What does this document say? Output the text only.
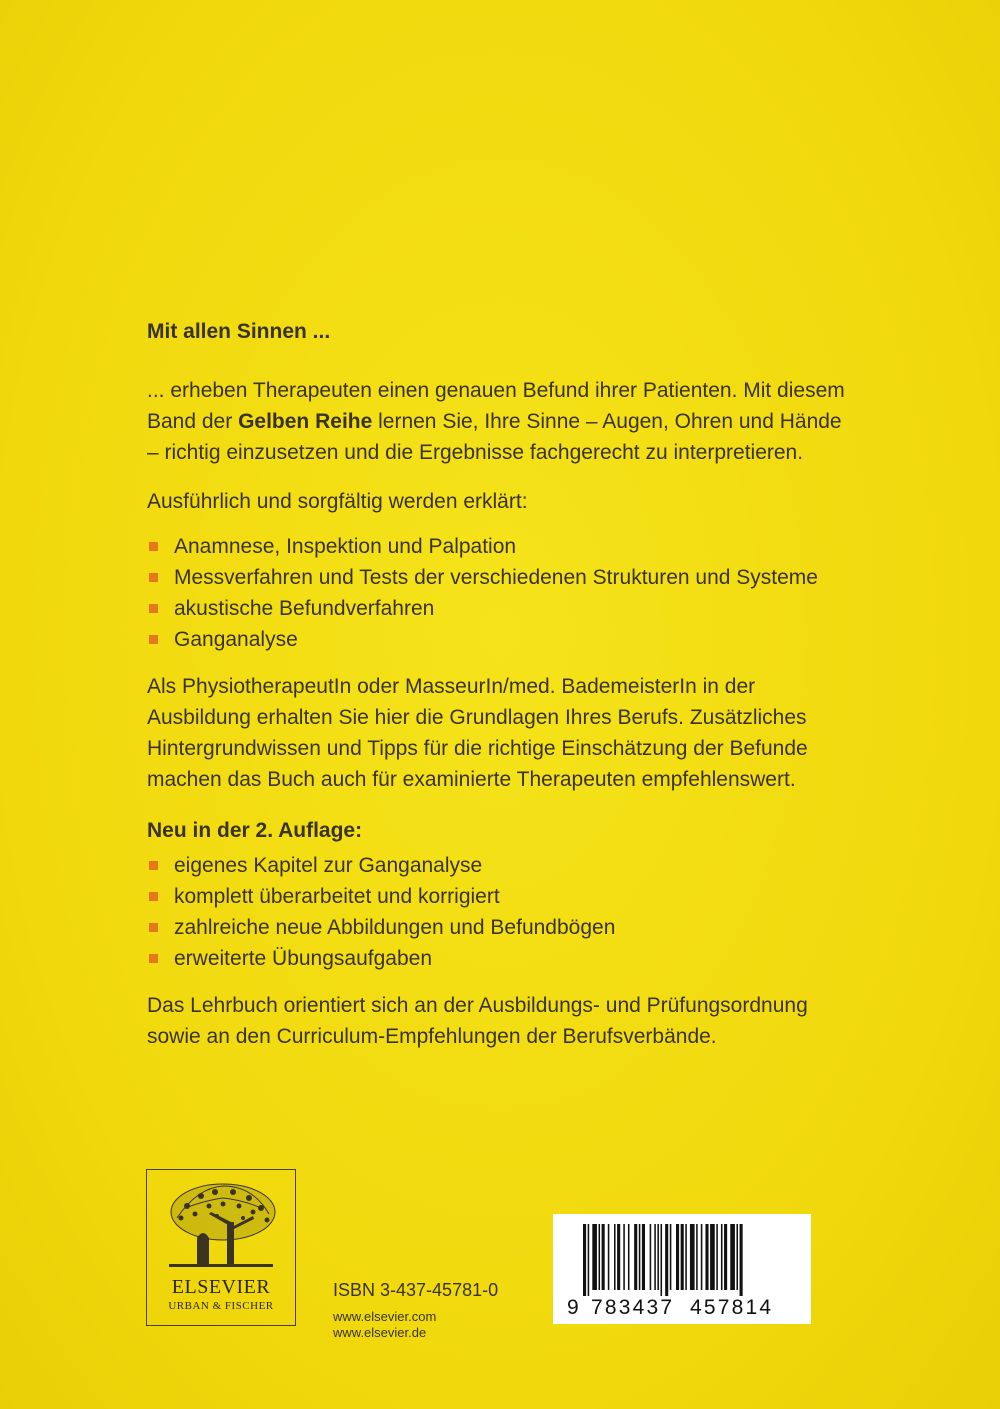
Mit allen Sinnen ...

... erheben Therapeuten einen genauen Befund ihrer Patienten. Mit diesem Band der Gelben Reihe lernen Sie, Ihre Sinne – Augen, Ohren und Hände – richtig einzusetzen und die Ergebnisse fachgerecht zu interpretieren.

Ausführlich und sorgfältig werden erklärt:

Anamnese, Inspektion und Palpation
Messverfahren und Tests der verschiedenen Strukturen und Systeme
akustische Befundverfahren
Ganganalyse

Als PhysiotherapeutIn oder MasseurIn/med. BademeisterIn in der Ausbildung erhalten Sie hier die Grundlagen Ihres Berufs. Zusätzliches Hintergrundwissen und Tipps für die richtige Einschätzung der Befunde machen das Buch auch für examinierte Therapeuten empfehlenswert.

Neu in der 2. Auflage:
eigenes Kapitel zur Ganganalyse
komplett überarbeitet und korrigiert
zahlreiche neue Abbildungen und Befundbögen
erweiterte Übungsaufgaben

Das Lehrbuch orientiert sich an der Ausbildungs- und Prüfungsordnung sowie an den Curriculum-Empfehlungen der Berufsverbände.

ELSEVIER
URBAN & FISCHER
ISBN 3-437-45781-0
www.elsevier.com
www.elsevier.de
9 783437 457814
